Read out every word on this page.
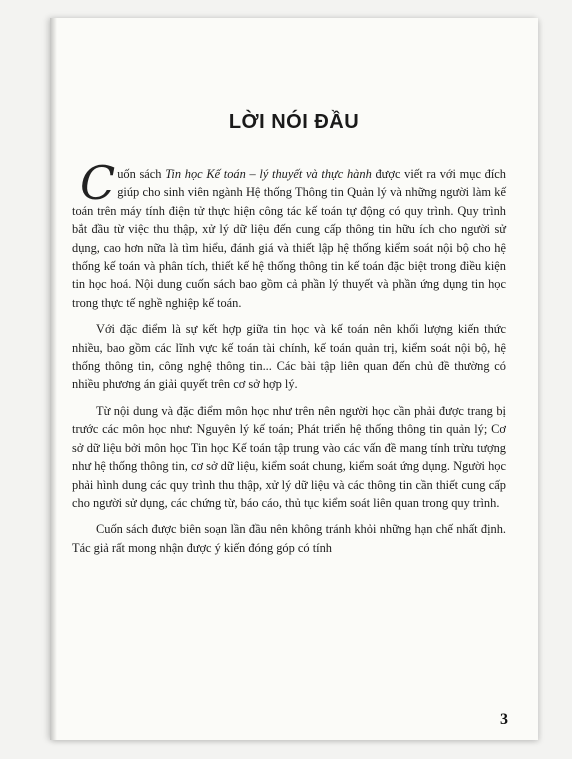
LỜI NÓI ĐẦU

Cuốn sách Tin học Kế toán – lý thuyết và thực hành được viết ra với mục đích giúp cho sinh viên ngành Hệ thống Thông tin Quản lý và những người làm kế toán trên máy tính điện tử thực hiện công tác kế toán tự động có quy trình. Quy trình bắt đầu từ việc thu thập, xử lý dữ liệu đến cung cấp thông tin hữu ích cho người sử dụng, cao hơn nữa là tìm hiểu, đánh giá và thiết lập hệ thống kiểm soát nội bộ cho hệ thống kế toán và phân tích, thiết kế hệ thống thông tin kế toán đặc biệt trong điều kiện tin học hoá. Nội dung cuốn sách bao gồm cả phần lý thuyết và phần ứng dụng tin học trong thực tế nghề nghiệp kế toán.

Với đặc điểm là sự kết hợp giữa tin học và kế toán nên khối lượng kiến thức nhiều, bao gồm các lĩnh vực kế toán tài chính, kế toán quản trị, kiểm soát nội bộ, hệ thống thông tin, công nghệ thông tin... Các bài tập liên quan đến chủ đề thường có nhiều phương án giải quyết trên cơ sở hợp lý.

Từ nội dung và đặc điểm môn học như trên nên người học cần phải được trang bị trước các môn học như: Nguyên lý kế toán; Phát triển hệ thống thông tin quản lý; Cơ sở dữ liệu bởi môn học Tin học Kế toán tập trung vào các vấn đề mang tính trừu tượng như hệ thống thông tin, cơ sở dữ liệu, kiểm soát chung, kiểm soát ứng dụng. Người học phải hình dung các quy trình thu thập, xử lý dữ liệu và các thông tin cần thiết cung cấp cho người sử dụng, các chứng từ, báo cáo, thủ tục kiểm soát liên quan trong quy trình.

Cuốn sách được biên soạn lần đầu nên không tránh khỏi những hạn chế nhất định. Tác giả rất mong nhận được ý kiến đóng góp có tính

3
